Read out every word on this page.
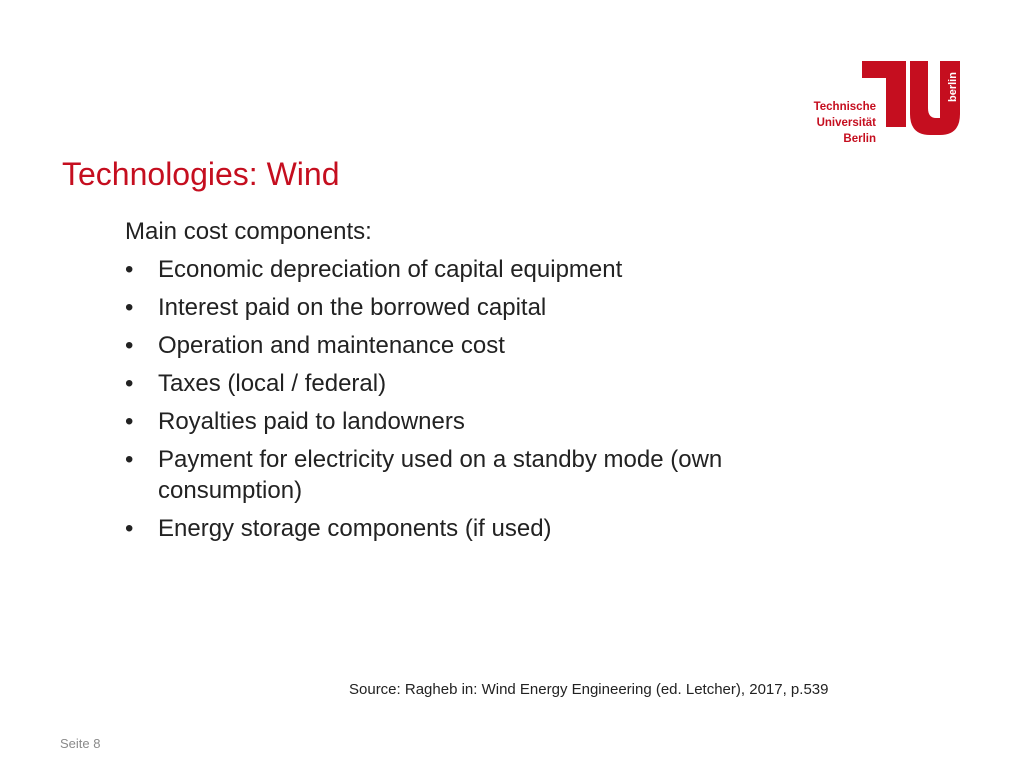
Technische
Universität
Berlin
berlin
Technologies: Wind

Main cost components:

• Economic depreciation of capital equipment
• Interest paid on the borrowed capital
• Operation and maintenance cost
• Taxes (local / federal)
• Royalties paid to landowners
• Payment for electricity used on a standby mode (own consumption)
• Energy storage components (if used)
Source: Ragheb in: Wind Energy Engineering (ed. Letcher), 2017, p.539
Seite 8
